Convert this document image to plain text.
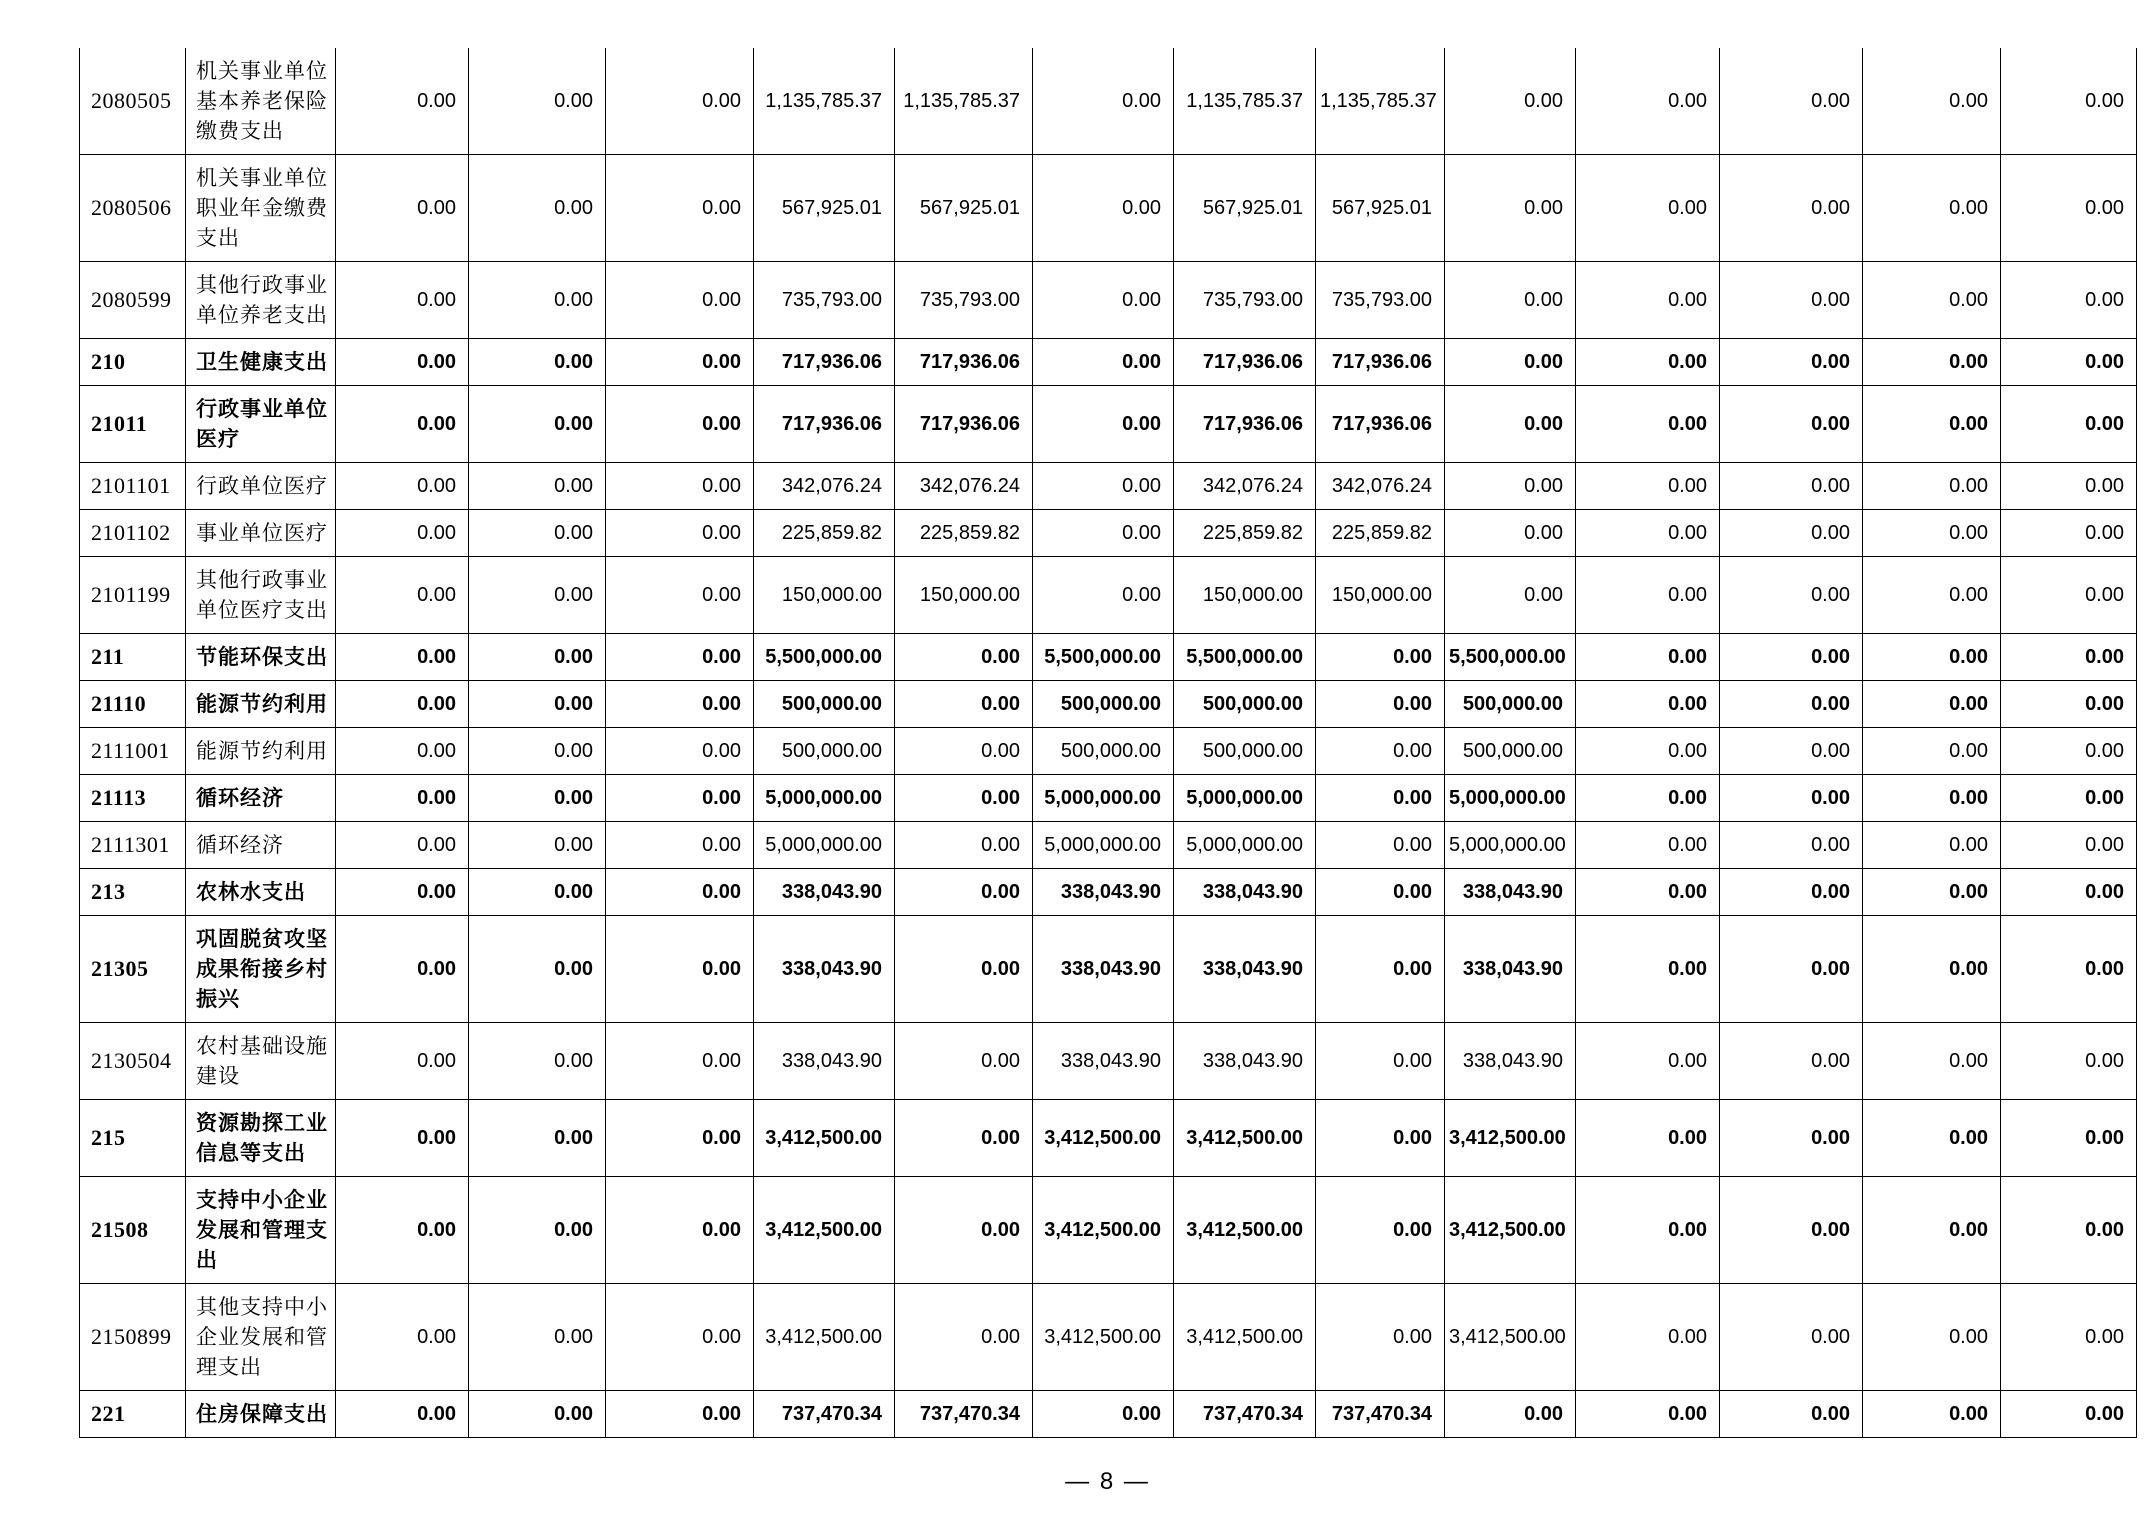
2080505	机关事业单位基本养老保险缴费支出	0.00	0.00	0.00	1,135,785.37	1,135,785.37	0.00	1,135,785.37	1,135,785.37	0.00	0.00	0.00	0.00	0.00
2080506	机关事业单位职业年金缴费支出	0.00	0.00	0.00	567,925.01	567,925.01	0.00	567,925.01	567,925.01	0.00	0.00	0.00	0.00	0.00
2080599	其他行政事业单位养老支出	0.00	0.00	0.00	735,793.00	735,793.00	0.00	735,793.00	735,793.00	0.00	0.00	0.00	0.00	0.00
210	卫生健康支出	0.00	0.00	0.00	717,936.06	717,936.06	0.00	717,936.06	717,936.06	0.00	0.00	0.00	0.00	0.00
21011	行政事业单位医疗	0.00	0.00	0.00	717,936.06	717,936.06	0.00	717,936.06	717,936.06	0.00	0.00	0.00	0.00	0.00
2101101	行政单位医疗	0.00	0.00	0.00	342,076.24	342,076.24	0.00	342,076.24	342,076.24	0.00	0.00	0.00	0.00	0.00
2101102	事业单位医疗	0.00	0.00	0.00	225,859.82	225,859.82	0.00	225,859.82	225,859.82	0.00	0.00	0.00	0.00	0.00
2101199	其他行政事业单位医疗支出	0.00	0.00	0.00	150,000.00	150,000.00	0.00	150,000.00	150,000.00	0.00	0.00	0.00	0.00	0.00
211	节能环保支出	0.00	0.00	0.00	5,500,000.00	0.00	5,500,000.00	5,500,000.00	0.00	5,500,000.00	0.00	0.00	0.00	0.00
21110	能源节约利用	0.00	0.00	0.00	500,000.00	0.00	500,000.00	500,000.00	0.00	500,000.00	0.00	0.00	0.00	0.00
2111001	能源节约利用	0.00	0.00	0.00	500,000.00	0.00	500,000.00	500,000.00	0.00	500,000.00	0.00	0.00	0.00	0.00
21113	循环经济	0.00	0.00	0.00	5,000,000.00	0.00	5,000,000.00	5,000,000.00	0.00	5,000,000.00	0.00	0.00	0.00	0.00
2111301	循环经济	0.00	0.00	0.00	5,000,000.00	0.00	5,000,000.00	5,000,000.00	0.00	5,000,000.00	0.00	0.00	0.00	0.00
213	农林水支出	0.00	0.00	0.00	338,043.90	0.00	338,043.90	338,043.90	0.00	338,043.90	0.00	0.00	0.00	0.00
21305	巩固脱贫攻坚成果衔接乡村振兴	0.00	0.00	0.00	338,043.90	0.00	338,043.90	338,043.90	0.00	338,043.90	0.00	0.00	0.00	0.00
2130504	农村基础设施建设	0.00	0.00	0.00	338,043.90	0.00	338,043.90	338,043.90	0.00	338,043.90	0.00	0.00	0.00	0.00
215	资源勘探工业信息等支出	0.00	0.00	0.00	3,412,500.00	0.00	3,412,500.00	3,412,500.00	0.00	3,412,500.00	0.00	0.00	0.00	0.00
21508	支持中小企业发展和管理支出	0.00	0.00	0.00	3,412,500.00	0.00	3,412,500.00	3,412,500.00	0.00	3,412,500.00	0.00	0.00	0.00	0.00
2150899	其他支持中小企业发展和管理支出	0.00	0.00	0.00	3,412,500.00	0.00	3,412,500.00	3,412,500.00	0.00	3,412,500.00	0.00	0.00	0.00	0.00
221	住房保障支出	0.00	0.00	0.00	737,470.34	737,470.34	0.00	737,470.34	737,470.34	0.00	0.00	0.00	0.00	0.00
— 8 —
